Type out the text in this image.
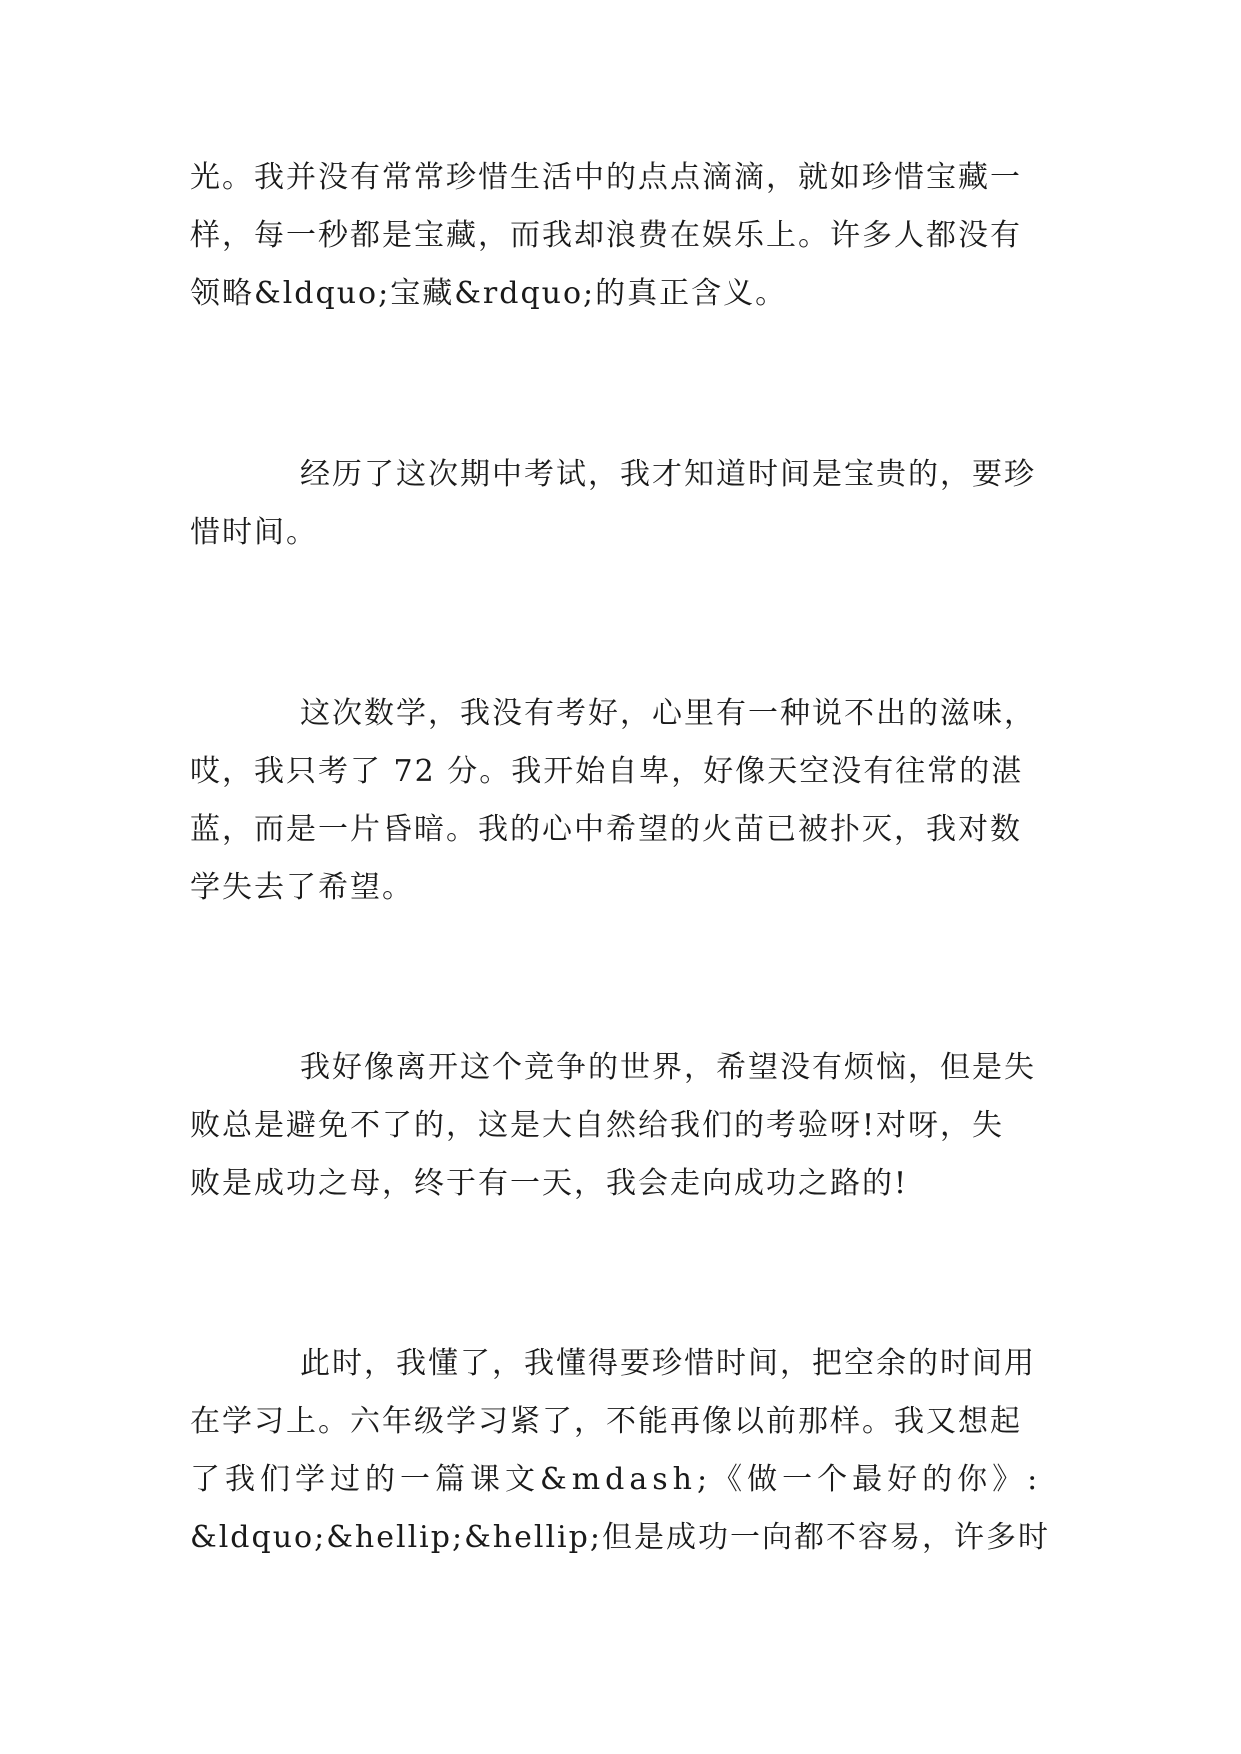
光。我并没有常常珍惜生活中的点点滴滴，就如珍惜宝藏一
样，每一秒都是宝藏，而我却浪费在娱乐上。许多人都没有
领略&ldquo;宝藏&rdquo;的真正含义。
经历了这次期中考试，我才知道时间是宝贵的，要珍
惜时间。
这次数学，我没有考好，心里有一种说不出的滋味，
哎，我只考了 72 分。我开始自卑，好像天空没有往常的湛
蓝，而是一片昏暗。我的心中希望的火苗已被扑灭，我对数
学失去了希望。
我好像离开这个竞争的世界，希望没有烦恼，但是失
败总是避免不了的，这是大自然给我们的考验呀!对呀，失
败是成功之母，终于有一天，我会走向成功之路的!
此时，我懂了，我懂得要珍惜时间，把空余的时间用
在学习上。六年级学习紧了，不能再像以前那样。我又想起
了我们学过的一篇课文&mdash;《做一个最好的你》:
&ldquo;&hellip;&hellip;但是成功一向都不容易，许多时
